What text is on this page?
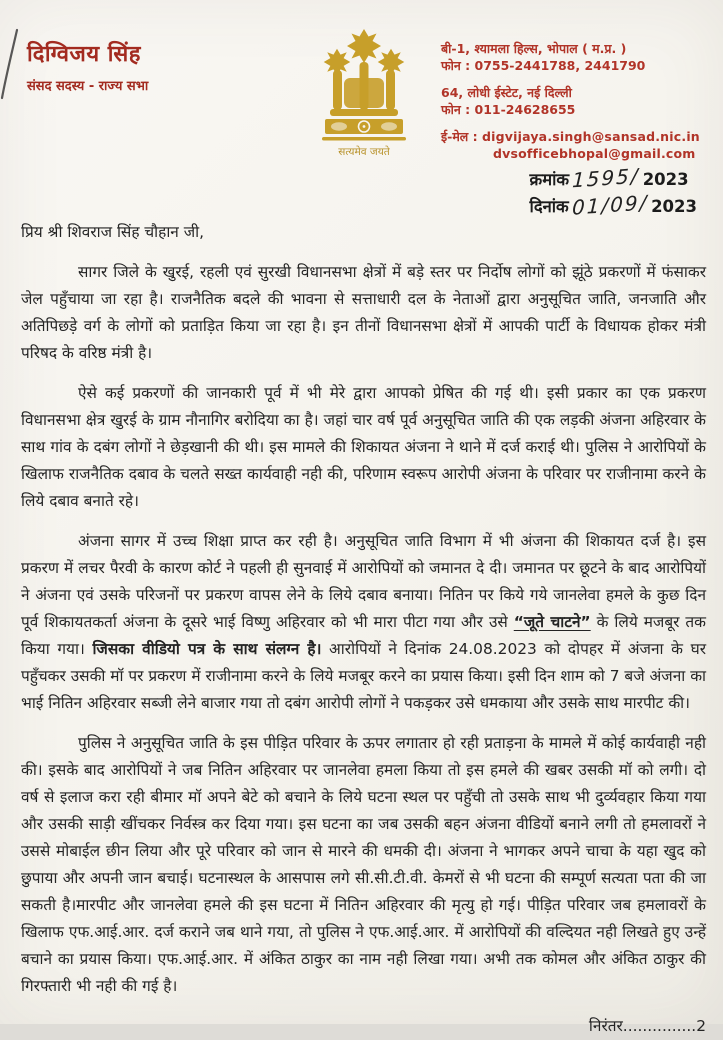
दिग्विजय सिंह
संसद सदस्य - राज्य सभा
सत्यमेव जयते
बी-1, श्यामला हिल्स, भोपाल ( म.प्र. )
फोन : 0755-2441788, 2441790
64, लोधी ईस्टेट, नई दिल्ली
फोन : 011-24628655
ई-मेल : digvijaya.singh@sansad.nic.in
dvsofficebhopal@gmail.com
क्रमांक 1595/ 2023
दिनांक 01/09/ 2023

प्रिय श्री शिवराज सिंह चौहान जी,

सागर जिले के खुरई, रहली एवं सुरखी विधानसभा क्षेत्रों में बड़े स्तर पर निर्दोष लोगों को झूंठे प्रकरणों में फंसाकर जेल पहुँचाया जा रहा है। राजनैतिक बदले की भावना से सत्ताधारी दल के नेताओं द्वारा अनुसूचित जाति, जनजाति और अतिपिछड़े वर्ग के लोगों को प्रताड़ित किया जा रहा है। इन तीनों विधानसभा क्षेत्रों में आपकी पार्टी के विधायक होकर मंत्री परिषद के वरिष्ठ मंत्री है।

ऐसे कई प्रकरणों की जानकारी पूर्व में भी मेरे द्वारा आपको प्रेषित की गई थी। इसी प्रकार का एक प्रकरण विधानसभा क्षेत्र खुरई के ग्राम नौनागिर बरोदिया का है। जहां चार वर्ष पूर्व अनुसूचित जाति की एक लड़की अंजना अहिरवार के साथ गांव के दबंग लोगों ने छेड़खानी की थी। इस मामले की शिकायत अंजना ने थाने में दर्ज कराई थी। पुलिस ने आरोपियों के खिलाफ राजनैतिक दबाव के चलते सख्त कार्यवाही नही की, परिणाम स्वरूप आरोपी अंजना के परिवार पर राजीनामा करने के लिये दबाव बनाते रहे।

अंजना सागर में उच्च शिक्षा प्राप्त कर रही है। अनुसूचित जाति विभाग में भी अंजना की शिकायत दर्ज है। इस प्रकरण में लचर पैरवी के कारण कोर्ट ने पहली ही सुनवाई में आरोपियों को जमानत दे दी। जमानत पर छूटने के बाद आरोपियों ने अंजना एवं उसके परिजनों पर प्रकरण वापस लेने के लिये दबाव बनाया। नितिन पर किये गये जानलेवा हमले के कुछ दिन पूर्व शिकायतकर्ता अंजना के दूसरे भाई विष्णु अहिरवार को भी मारा पीटा गया और उसे “जूते चाटने” के लिये मजबूर तक किया गया। जिसका वीडियो पत्र के साथ संलग्न है। आरोपियों ने दिनांक 24.08.2023 को दोपहर में अंजना के घर पहुँचकर उसकी मॉ पर प्रकरण में राजीनामा करने के लिये मजबूर करने का प्रयास किया। इसी दिन शाम को 7 बजे अंजना का भाई नितिन अहिरवार सब्जी लेने बाजार गया तो दबंग आरोपी लोगों ने पकड़कर उसे धमकाया और उसके साथ मारपीट की।

पुलिस ने अनुसूचित जाति के इस पीड़ित परिवार के ऊपर लगातार हो रही प्रताड़ना के मामले में कोई कार्यवाही नही की। इसके बाद आरोपियों ने जब नितिन अहिरवार पर जानलेवा हमला किया तो इस हमले की खबर उसकी मॉ को लगी। दो वर्ष से इलाज करा रही बीमार मॉ अपने बेटे को बचाने के लिये घटना स्थल पर पहुँची तो उसके साथ भी दुर्व्यवहार किया गया और उसकी साड़ी खींचकर निर्वस्त्र कर दिया गया। इस घटना का जब उसकी बहन अंजना वीडियों बनाने लगी तो हमलावरों ने उससे मोबाईल छीन लिया और पूरे परिवार को जान से मारने की धमकी दी। अंजना ने भागकर अपने चाचा के यहा खुद को छुपाया और अपनी जान बचाई। घटनास्थल के आसपास लगे सी.सी.टी.वी. केमरों से भी घटना की सम्पूर्ण सत्यता पता की जा सकती है।मारपीट और जानलेवा हमले की इस घटना में नितिन अहिरवार की मृत्यु हो गई। पीड़ित परिवार जब हमलावरों के खिलाफ एफ.आई.आर. दर्ज कराने जब थाने गया, तो पुलिस ने एफ.आई.आर. में आरोपियों की वल्दियत नही लिखते हुए उन्हें बचाने का प्रयास किया। एफ.आई.आर. में अंकित ठाकुर का नाम नही लिखा गया। अभी तक कोमल और अंकित ठाकुर की गिरफ्तारी भी नही की गई है।

निरंतर...............2
